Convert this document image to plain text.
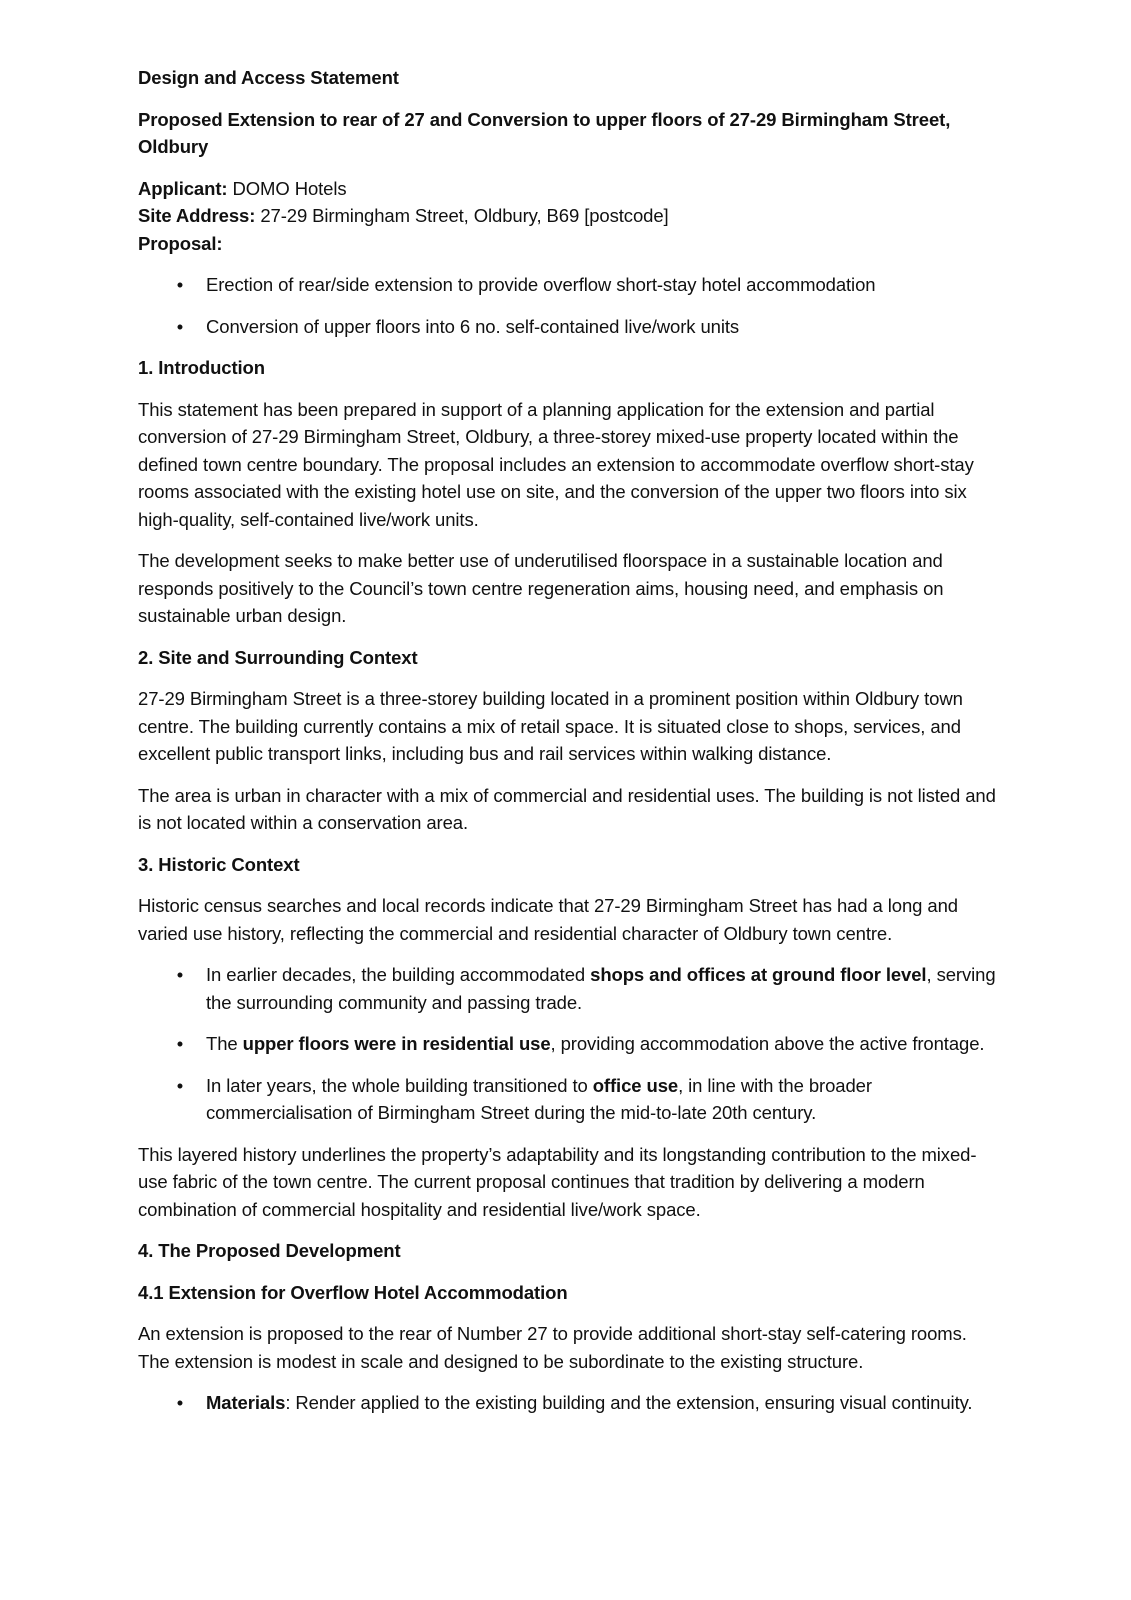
Design and Access Statement

Proposed Extension to rear of 27 and Conversion to upper floors of 27-29 Birmingham Street, Oldbury

Applicant: DOMO Hotels

Site Address: 27-29 Birmingham Street, Oldbury, B69 [postcode]

Proposal:

• Erection of rear/side extension to provide overflow short-stay hotel accommodation
• Conversion of upper floors into 6 no. self-contained live/work units

1. Introduction

This statement has been prepared in support of a planning application for the extension and partial conversion of 27-29 Birmingham Street, Oldbury, a three-storey mixed-use property located within the defined town centre boundary. The proposal includes an extension to accommodate overflow short-stay rooms associated with the existing hotel use on site, and the conversion of the upper two floors into six high-quality, self-contained live/work units.

The development seeks to make better use of underutilised floorspace in a sustainable location and responds positively to the Council’s town centre regeneration aims, housing need, and emphasis on sustainable urban design.

2. Site and Surrounding Context

27-29 Birmingham Street is a three-storey building located in a prominent position within Oldbury town centre. The building currently contains a mix of retail space. It is situated close to shops, services, and excellent public transport links, including bus and rail services within walking distance.

The area is urban in character with a mix of commercial and residential uses. The building is not listed and is not located within a conservation area.

3. Historic Context

Historic census searches and local records indicate that 27-29 Birmingham Street has had a long and varied use history, reflecting the commercial and residential character of Oldbury town centre.

• In earlier decades, the building accommodated shops and offices at ground floor level, serving the surrounding community and passing trade.
• The upper floors were in residential use, providing accommodation above the active frontage.
• In later years, the whole building transitioned to office use, in line with the broader commercialisation of Birmingham Street during the mid-to-late 20th century.

This layered history underlines the property’s adaptability and its longstanding contribution to the mixed-use fabric of the town centre. The current proposal continues that tradition by delivering a modern combination of commercial hospitality and residential live/work space.

4. The Proposed Development

4.1 Extension for Overflow Hotel Accommodation

An extension is proposed to the rear of Number 27 to provide additional short-stay self-catering rooms. The extension is modest in scale and designed to be subordinate to the existing structure.

• Materials: Render applied to the existing building and the extension, ensuring visual continuity.
